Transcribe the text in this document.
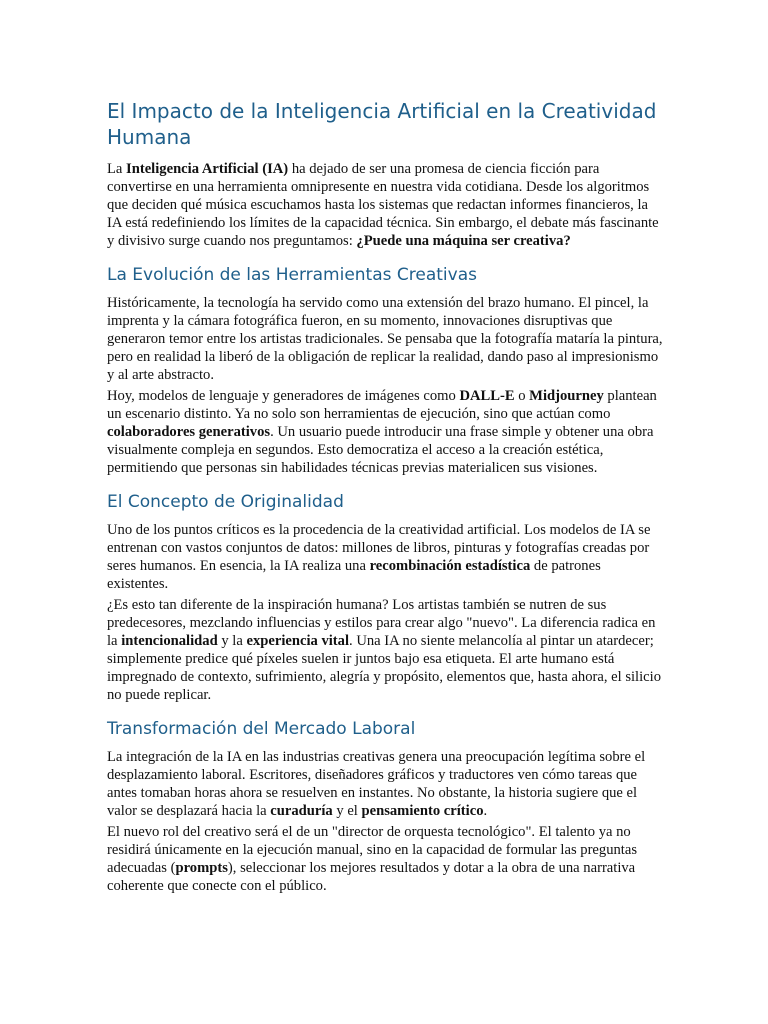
El Impacto de la Inteligencia Artificial en la Creatividad Humana

La Inteligencia Artificial (IA) ha dejado de ser una promesa de ciencia ficción para convertirse en una herramienta omnipresente en nuestra vida cotidiana. Desde los algoritmos que deciden qué música escuchamos hasta los sistemas que redactan informes financieros, la IA está redefiniendo los límites de la capacidad técnica. Sin embargo, el debate más fascinante y divisivo surge cuando nos preguntamos: ¿Puede una máquina ser creativa?

La Evolución de las Herramientas Creativas

Históricamente, la tecnología ha servido como una extensión del brazo humano. El pincel, la imprenta y la cámara fotográfica fueron, en su momento, innovaciones disruptivas que generaron temor entre los artistas tradicionales. Se pensaba que la fotografía mataría la pintura, pero en realidad la liberó de la obligación de replicar la realidad, dando paso al impresionismo y al arte abstracto.

Hoy, modelos de lenguaje y generadores de imágenes como DALL-E o Midjourney plantean un escenario distinto. Ya no solo son herramientas de ejecución, sino que actúan como colaboradores generativos. Un usuario puede introducir una frase simple y obtener una obra visualmente compleja en segundos. Esto democratiza el acceso a la creación estética, permitiendo que personas sin habilidades técnicas previas materialicen sus visiones.

El Concepto de Originalidad

Uno de los puntos críticos es la procedencia de la creatividad artificial. Los modelos de IA se entrenan con vastos conjuntos de datos: millones de libros, pinturas y fotografías creadas por seres humanos. En esencia, la IA realiza una recombinación estadística de patrones existentes.

¿Es esto tan diferente de la inspiración humana? Los artistas también se nutren de sus predecesores, mezclando influencias y estilos para crear algo "nuevo". La diferencia radica en la intencionalidad y la experiencia vital. Una IA no siente melancolía al pintar un atardecer; simplemente predice qué píxeles suelen ir juntos bajo esa etiqueta. El arte humano está impregnado de contexto, sufrimiento, alegría y propósito, elementos que, hasta ahora, el silicio no puede replicar.

Transformación del Mercado Laboral

La integración de la IA en las industrias creativas genera una preocupación legítima sobre el desplazamiento laboral. Escritores, diseñadores gráficos y traductores ven cómo tareas que antes tomaban horas ahora se resuelven en instantes. No obstante, la historia sugiere que el valor se desplazará hacia la curaduría y el pensamiento crítico.

El nuevo rol del creativo será el de un "director de orquesta tecnológico". El talento ya no residirá únicamente en la ejecución manual, sino en la capacidad de formular las preguntas adecuadas (prompts), seleccionar los mejores resultados y dotar a la obra de una narrativa coherente que conecte con el público.
